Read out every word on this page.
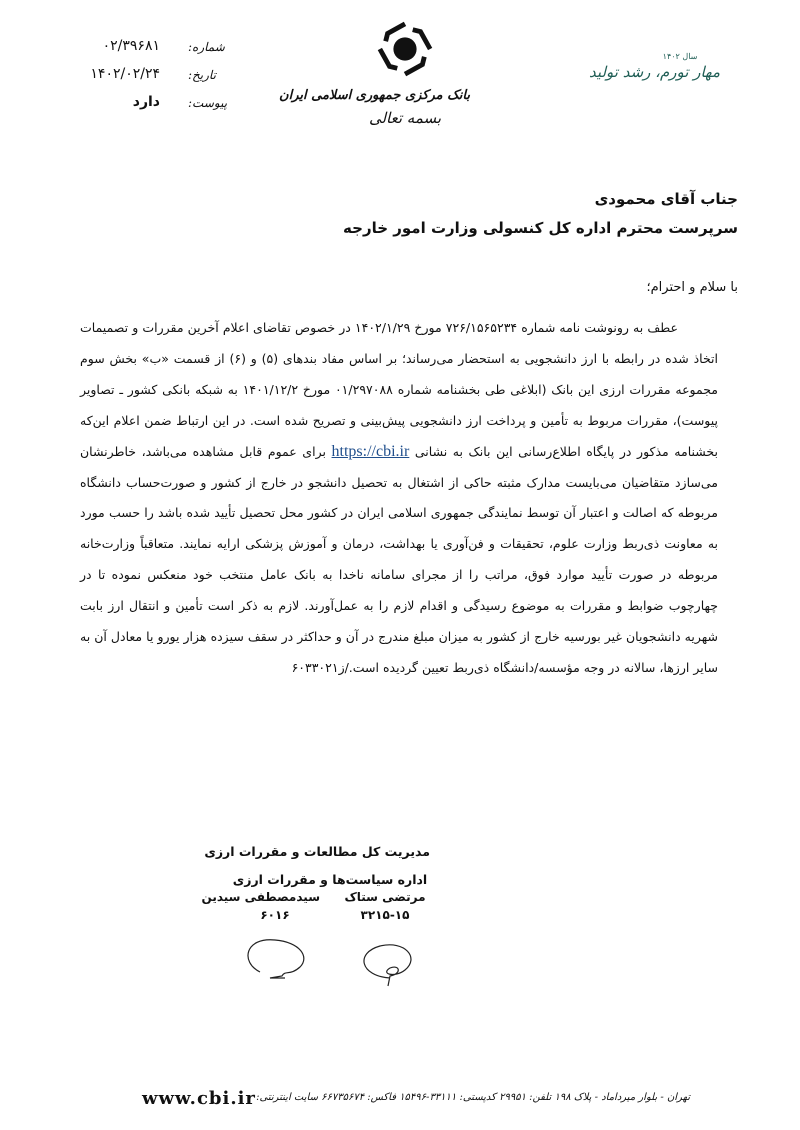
شماره:
۰۲/۳۹۶۸۱
تاریخ:
۱۴۰۲/۰۲/۲۴
پیوست:
دارد	بانک مرکزی جمهوری اسلامی ایران
بسمه تعالی
سال ۱۴۰۲
مهار تورم، رشد تولید
جناب آقای محمودی
سرپرست محترم اداره کل کنسولی وزارت امور خارجه
با سلام و احترام؛

عطف به رونوشت نامه شماره ۷۲۶/۱۵۶۵۲۳۴ مورخ ۱۴۰۲/۱/۲۹ در خصوص تقاضای اعلام آخرین مقررات و تصمیمات اتخاذ شده در رابطه با ارز دانشجویی به استحضار می‌رساند؛ بر اساس مفاد بندهای (۵) و (۶) از قسمت «ب» بخش سوم مجموعه مقررات ارزی این بانک (ابلاغی طی بخشنامه شماره ۰۱/۲۹۷۰۸۸ مورخ ۱۴۰۱/۱۲/۲ به شبکه بانکی کشور ـ تصاویر پیوست)، مقررات مربوط به تأمین و پرداخت ارز دانشجویی پیش‌بینی و تصریح شده است. در این ارتباط ضمن اعلام این‌که بخشنامه مذکور در پایگاه اطلاع‌رسانی این بانک به نشانی https://cbi.ir برای عموم قابل مشاهده می‌باشد، خاطرنشان می‌سازد متقاضیان می‌بایست مدارک مثبته حاکی از اشتغال به تحصیل دانشجو در خارج از کشور و صورت‌حساب دانشگاه مربوطه که اصالت و اعتبار آن توسط نمایندگی جمهوری اسلامی ایران در کشور محل تحصیل تأیید شده باشد را حسب مورد به معاونت ذی‌ربط وزارت علوم، تحقیقات و فن‌آوری یا بهداشت، درمان و آموزش پزشکی ارایه نمایند. متعاقباً وزارت‌خانه مربوطه در صورت تأیید موارد فوق، مراتب را از مجرای سامانه ناخدا به بانک عامل منتخب خود منعکس نموده تا در چهارچوب ضوابط و مقررات به موضوع رسیدگی و اقدام لازم را به عمل‌آورند. لازم به ذکر است تأمین و انتقال ارز بابت شهریه دانشجویان غیر بورسیه خارج از کشور به میزان مبلغ مندرج در آن و حداکثر در سقف سیزده هزار یورو یا معادل آن به سایر ارزها، سالانه در وجه مؤسسه/دانشگاه ذی‌ربط تعیین گردیده است./ز۶۰۳۳۰۲۱

مدیریت کل مطالعات و مقررات ارزی
اداره سیاست‌ها و مقررات ارزی
سیدمصطفی سیدین
۶۰۱۶
مرتضی ستاک
۳۲۱۵-۱۵
www.cbi.ir تهران - بلوار میرداماد - پلاک ۱۹۸ تلفن: ۲۹۹۵۱ کدپستی: ۳۳۱۱۱-۱۵۴۹۶ فاکس: ۶۶۷۳۵۶۷۴ سایت اینترنتی:
